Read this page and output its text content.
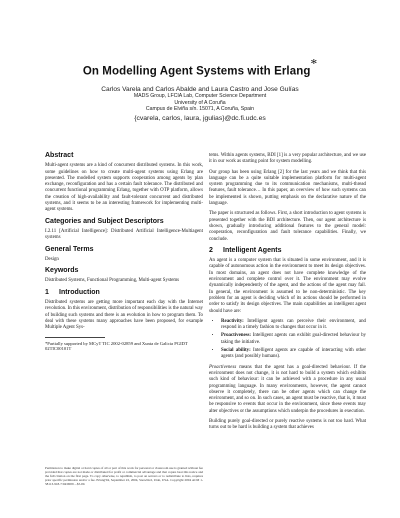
On Modelling Agent Systems with Erlang*
Carlos Varela and Carlos Abalde and Laura Castro and Jose Gulías
MADS Group, LFCIA Lab, Computer Science Department
University of A Coruña
Campus de Elviña s/n. 15071, A Coruña, Spain
{cvarela, carlos, laura, jgulias}@dc.fi.udc.es
Abstract

Multi-agent systems are a kind of concurrent distributed systems. In this work, some guidelines on how to create multi-agent systems using Erlang are presented. The modelled system supports cooperation among agents by plan exchange, reconfiguration and has a certain fault tolerance. The distributed and concurrent functional programming Erlang, together with OTP platform, allows the creation of high-availability and fault-tolerant concurrent and distributed systems, and it seems to be an interesting framework for implementing multi-agent systems.

Categories and Subject Descriptors

I.2.11 [Artificial Intelligence]: Distributed Artificial Intelligence-Multiagent systems

General Terms

Design

Keywords

Distributed Systems, Functional Programming, Multi-agent Systems

1 Introduction

Distributed systems are getting more important each day with the Internet revolution. In this environment, distribution of responsibilities is the natural way of building such systems and there is an evolution in how to program them. To deal with these systems many approaches have been proposed, for example Multiple Agent Sys-

*Partially supported by MCyT TIC 2002-02859 and Xunta de Galicia PGIDT 02TIC00101T
Permission to make digital or hard copies of all or part of this work for personal or classroom use is granted without fee provided that copies are not made or distributed for profit or commercial advantage and that copies bear this notice and the full citation on the first page. To copy otherwise, to republish, to post on servers or to redistribute to lists, requires prior specific permission and/or a fee. Erlang'04, September 22, 2004, Snowbird, Utah, USA. Copyright 2004 ACM 1-58113-918-7/04/0009 ...$5.00.

tems. Within agents systems, BDI [1] is a very popular architecture, and we use it in our work as starting point for system modelling.

Our group has been using Erlang [2] for the last years and we think that this language can be a quite suitable implementation platform for multi-agent system programming due to its communication mechanisms, multi-thread features, fault tolerance… In this paper, an overview of how such systems can be implemented is shown, putting emphasis on the declarative nature of the language.

The paper is structured as follows. First, a short introduction to agent systems is presented together with the BDI architecture. Then, our agent architecture is shown, gradually introducing additional features to the general model: cooperation, reconfiguration and fault tolerance capabilities. Finally, we conclude.

2 Intelligent Agents

An agent is a computer system that is situated in some environment, and it is capable of autonomous action in the environment to meet its design objectives. In most domains, an agent does not have complete knowledge of the environment and complete control over it. The environment may evolve dynamically independently of the agent, and the actions of the agent may fail. In general, the environment is assumed to be non-deterministic. The key problem for an agent is deciding which of its actions should be performed in order to satisfy its design objectives. The main capabilities an intelligent agent should have are:

• Reactivity: Intelligent agents can perceive their environment, and respond in a timely fashion to changes that occur in it.
• Proactiveness: Intelligent agents can exhibit goal-directed behaviour by taking the initiative.
• Social ability: Intelligent agents are capable of interacting with other agents (and possibly humans).

Proactiveness means that the agent has a goal-directed behaviour. If the environment does not change, it is not hard to build a system which exhibits such kind of behaviour: it can be achieved with a procedure in any usual programming language. In many environments, however, the agent cannot observe it completely, there can be other agents which can change the environment, and so on. In such cases, an agent must be reactive, that is, it must be responsive to events that occur in the environment, since these events may alter objectives or the assumptions which underpin the procedures in execution.

Building purely goal-directed or purely reactive systems is not too hard. What turns out to be hard is building a system that achieves
